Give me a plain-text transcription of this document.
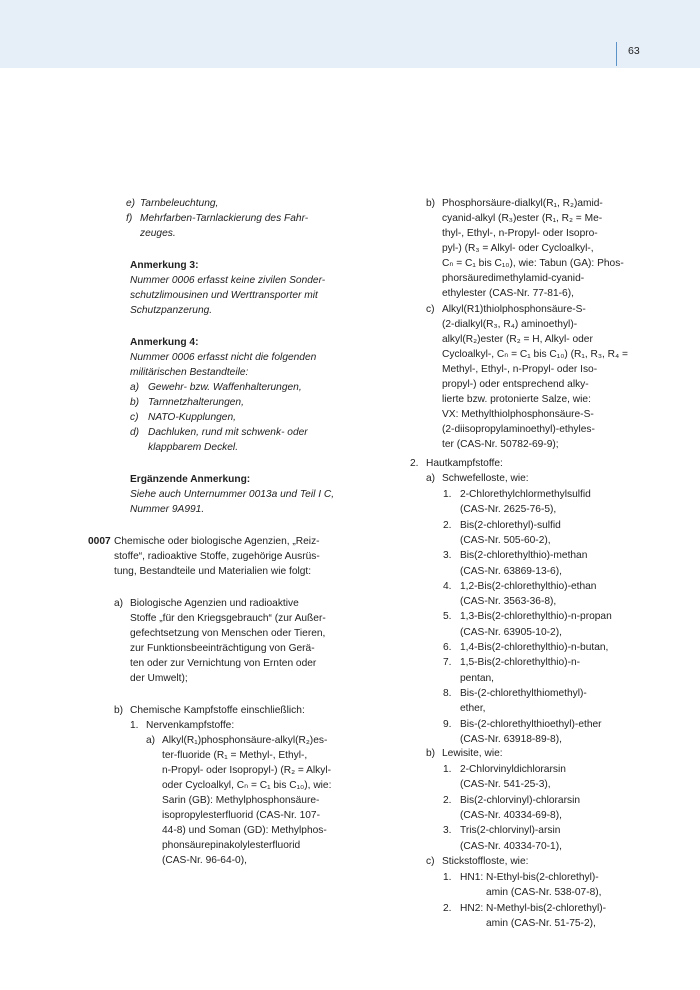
63
e) Tarnbeleuchtung,
f) Mehrfarben-Tarnlackierung des Fahr-
zeuges.
Anmerkung 3:
Nummer 0006 erfasst keine zivilen Sonder-
schutzlimousinen und Werttransporter mit
Schutzpanzerung.
Anmerkung 4:
Nummer 0006 erfasst nicht die folgenden
militärischen Bestandteile:
a) Gewehr- bzw. Waffenhalterungen,
b) Tarnnetzhalterungen,
c) NATO-Kupplungen,
d) Dachluken, rund mit schwenk- oder
klappbarem Deckel.
Ergänzende Anmerkung:
Siehe auch Unternummer 0013a und Teil I C,
Nummer 9A991.
0007 Chemische oder biologische Agenzien, „Reiz-
stoffe“, radioaktive Stoffe, zugehörige Ausrüs-
tung, Bestandteile und Materialien wie folgt:
a) Biologische Agenzien und radioaktive
Stoffe „für den Kriegsgebrauch“ (zur Außer-
gefechtsetzung von Menschen oder Tieren,
zur Funktionsbeeinträchtigung von Gerä-
ten oder zur Vernichtung von Ernten oder
der Umwelt);
b) Chemische Kampfstoffe einschließlich:
1. Nervenkampfstoffe:
a) Alkyl(R₁)phosphonsäure-alkyl(R₂)es-
ter-fluoride (R₁ = Methyl-, Ethyl-,
n-Propyl- oder Isopropyl-) (R₂ = Alkyl-
oder Cycloalkyl, Cₙ = C₁ bis C₁₀), wie:
Sarin (GB): Methylphosphonsäure-
isopropylesterfluorid (CAS-Nr. 107-
44-8) und Soman (GD): Methylphos-
phonsäurepinakolylesterfluorid
(CAS-Nr. 96-64-0),
b) Phosphorsäure-dialkyl(R₁, R₂)amid-
cyanid-alkyl (R₃)ester (R₁, R₂ = Me-
thyl-, Ethyl-, n-Propyl- oder Isopro-
pyl-) (R₃ = Alkyl- oder Cycloalkyl-,
Cₙ = C₁ bis C₁₀), wie: Tabun (GA): Phos-
phorsäuredimethylamid-cyanid-
ethylester (CAS-Nr. 77-81-6),
c) Alkyl(R1)thiolphosphonsäure-S-
(2-dialkyl(R₃, R₄) aminoethyl)-
alkyl(R₂)ester (R₂ = H, Alkyl- oder
Cycloalkyl-, Cₙ = C₁ bis C₁₀) (R₁, R₃, R₄ =
Methyl-, Ethyl-, n-Propyl- oder Iso-
propyl-) oder entsprechend alky-
lierte bzw. protonierte Salze, wie:
VX: Methylthiolphosphonsäure-S-
(2-diisopropylaminoethyl)-ethyles-
ter (CAS-Nr. 50782-69-9);
2. Hautkampfstoffe:
a) Schwefelloste, wie:
1. 2-Chlorethylchlormethylsulfid
(CAS-Nr. 2625-76-5),
2. Bis(2-chlorethyl)-sulfid
(CAS-Nr. 505-60-2),
3. Bis(2-chlorethylthio)-methan
(CAS-Nr. 63869-13-6),
4. 1,2-Bis(2-chlorethylthio)-ethan
(CAS-Nr. 3563-36-8),
5. 1,3-Bis(2-chlorethylthio)-n-propan
(CAS-Nr. 63905-10-2),
6. 1,4-Bis(2-chlorethylthio)-n-butan,
7. 1,5-Bis(2-chlorethylthio)-n-
pentan,
8. Bis-(2-chlorethylthiomethyl)-
ether,
9. Bis-(2-chlorethylthioethyl)-ether
(CAS-Nr. 63918-89-8),
b) Lewisite, wie:
1. 2-Chlorvinyldichlorarsin
(CAS-Nr. 541-25-3),
2. Bis(2-chlorvinyl)-chlorarsin
(CAS-Nr. 40334-69-8),
3. Tris(2-chlorvinyl)-arsin
(CAS-Nr. 40334-70-1),
c) Stickstoffloste, wie:
1. HN1: N-Ethyl-bis(2-chlorethyl)-
amin (CAS-Nr. 538-07-8),
2. HN2: N-Methyl-bis(2-chlorethyl)-
amin (CAS-Nr. 51-75-2),
